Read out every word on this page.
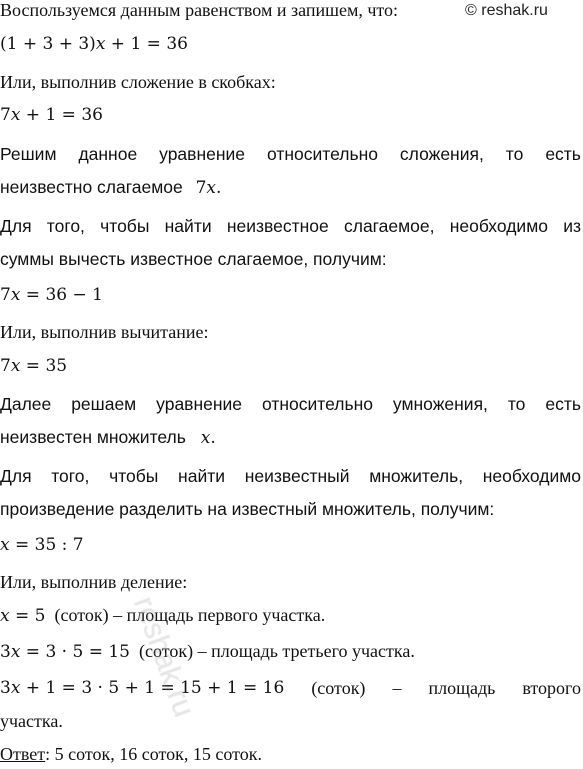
Воспользуемся данным равенством и запишем, что:	© reshak.ru
(1 + 3 + 3)𝑥 + 1 = 36
Или, выполнив сложение в скобках:
7𝑥 + 1 = 36
Решим данное уравнение относительно сложения, то есть
неизвестно слагаемое 7𝑥.
Для того, чтобы найти неизвестное слагаемое, необходимо из
суммы вычесть известное слагаемое, получим:
7𝑥 = 36 − 1
Или, выполнив вычитание:
7𝑥 = 35
Далее решаем уравнение относительно умножения, то есть
неизвестен множитель 𝑥.
Для того, чтобы найти неизвестный множитель, необходимо
произведение разделить на известный множитель, получим:
𝑥 = 35 : 7
Или, выполнив деление:
𝑥 = 5 (соток) – площадь первого участка.
3𝑥 = 3 · 5 = 15 (соток) – площадь третьего участка.
3𝑥 + 1 = 3 · 5 + 1 = 15 + 1 = 16 (соток) – площадь второго
участка.
Ответ: 5 соток, 16 соток, 15 соток.
reshak.ru
